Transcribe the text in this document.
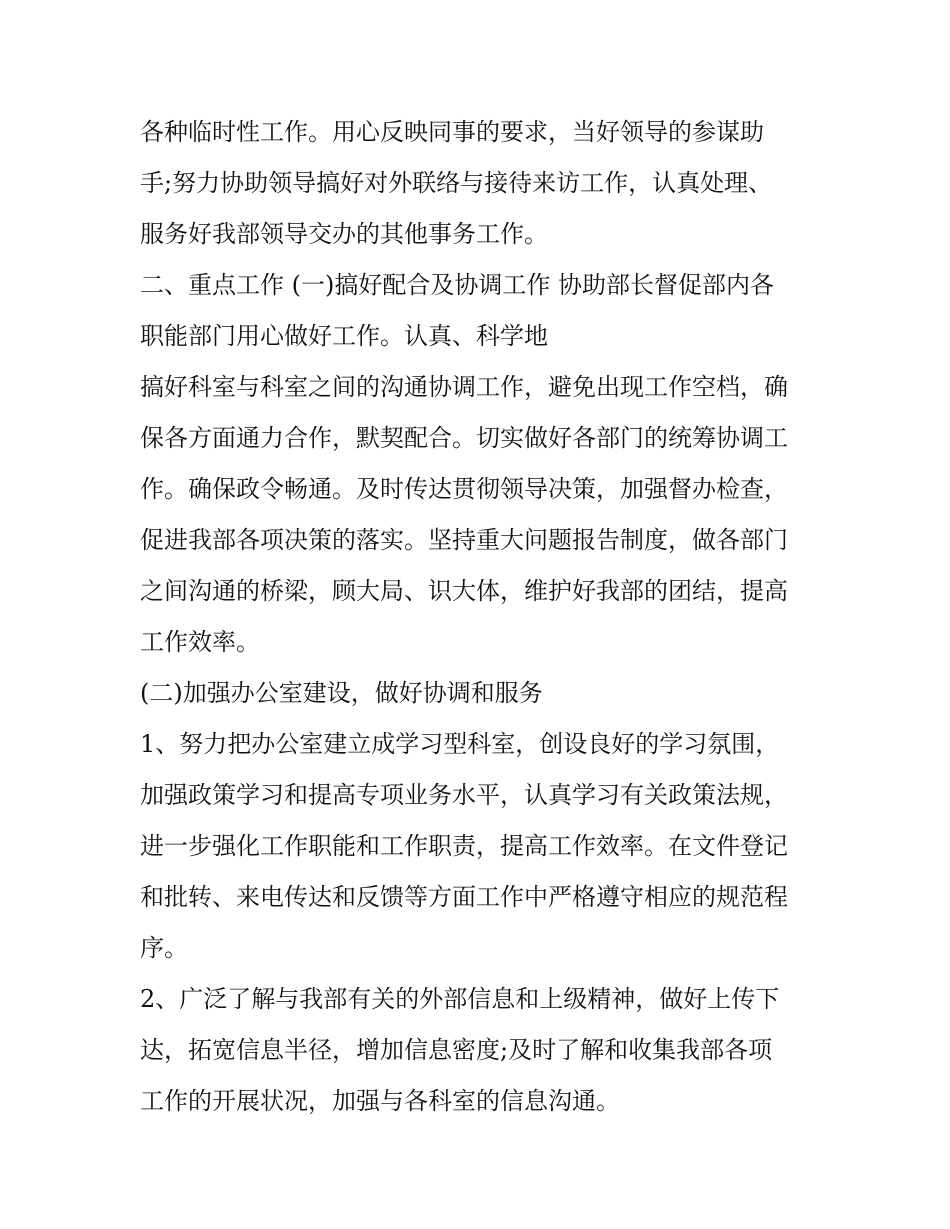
各种临时性工作。用心反映同事的要求，当好领导的参谋助

手;努力协助领导搞好对外联络与接待来访工作，认真处理、

服务好我部领导交办的其他事务工作。

二、重点工作 (一)搞好配合及协调工作 协助部长督促部内各

职能部门用心做好工作。认真、科学地

搞好科室与科室之间的沟通协调工作，避免出现工作空档，确

保各方面通力合作，默契配合。切实做好各部门的统筹协调工

作。确保政令畅通。及时传达贯彻领导决策，加强督办检查，

促进我部各项决策的落实。坚持重大问题报告制度，做各部门

之间沟通的桥梁，顾大局、识大体，维护好我部的团结，提高

工作效率。

(二)加强办公室建设，做好协调和服务

1、努力把办公室建立成学习型科室，创设良好的学习氛围，

加强政策学习和提高专项业务水平，认真学习有关政策法规，

进一步强化工作职能和工作职责，提高工作效率。在文件登记

和批转、来电传达和反馈等方面工作中严格遵守相应的规范程

序。

2、广泛了解与我部有关的外部信息和上级精神，做好上传下

达，拓宽信息半径，增加信息密度;及时了解和收集我部各项

工作的开展状况，加强与各科室的信息沟通。
